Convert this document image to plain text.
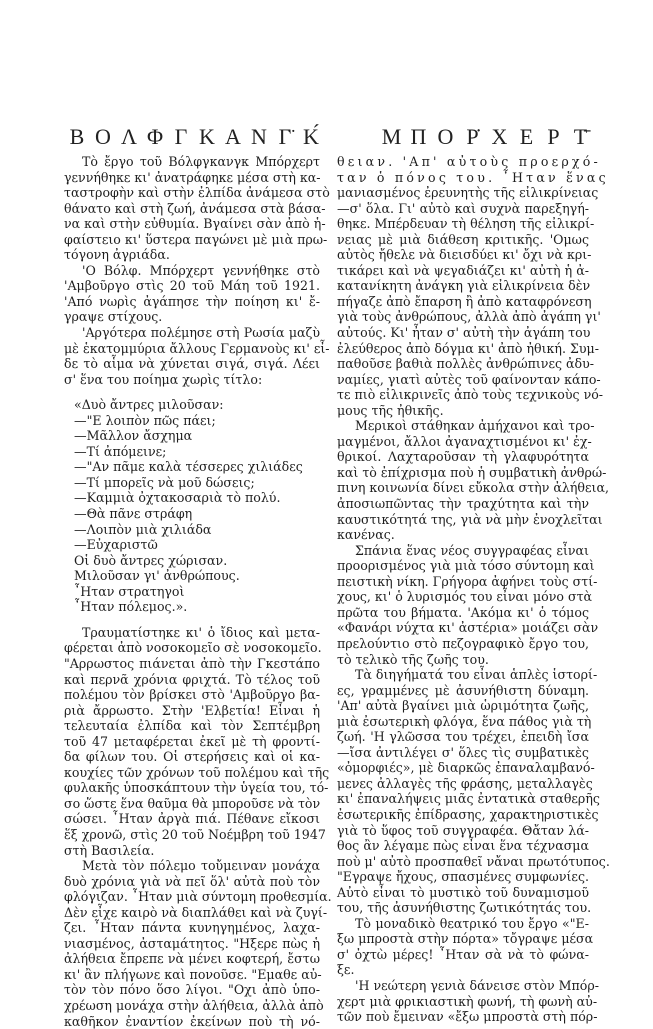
Β Ο Λ Φ Γ Κ Α Ν Γ̈ Κ́	Μ Π Ο Ρ̇ Χ Ε Ρ Τ̄
Τὸ ἔργο τοῦ Βόλφγκανγκ Μπόρχερτ
γεννήθηκε κι' ἀνατράφηκε μέσα στὴ κα-
ταστροφὴν καὶ στὴν ἐλπίδα ἀνάμεσα στὸ
θάνατο καὶ στὴ ζωή, ἀνάμεσα στὰ βάσα-
να καὶ στὴν εὐθυμία. Βγαίνει σὰν ἀπὸ ἡ-
φαίστειο κι' ὕστερα παγώνει μὲ μιὰ πρω-
τόγονη ἀγριάδα.
'Ο Βόλφ. Μπόρχερτ γεννήθηκε στὸ
'Αμβοῦργο στὶς 20 τοῦ Μάη τοῦ 1921.
'Από νωρὶς ἀγάπησε τὴν ποίηση κι' ἔ-
γραψε στίχους.
'Αργότερα πολέμησε στὴ Ρωσία μαζὺ
μὲ ἑκατομμύρια ἄλλους Γερμανοὺς κι' εἶ-
δε τὸ αἷμα νὰ χύνεται σιγά, σιγά. Λέει
σ' ἕνα του ποίημα χωρὶς τίτλο:
«Δυὸ ἄντρες μιλοῦσαν:
—"Ε λοιπὸν πῶς πάει;
—Μᾶλλον ἄσχημα
—Τί ἀπόμεινε;
—"Αν πᾶμε καλὰ τέσσερες χιλιάδες
—Τί μπορεῖς νὰ μοῦ δώσεις;
—Καμμιὰ ὀχτακοσαριὰ τὸ πολύ.
—Θὰ πᾶνε στράφη
—Λοιπὸν μιὰ χιλιάδα
—Εὐχαριστῶ
Οἱ δυὸ ἄντρες χώρισαν.
Μιλοῦσαν γι' ἀνθρώπους.
῏Ηταν στρατηγοὶ
῏Ηταν πόλεμος.».
Τραυματίστηκε κι' ὁ ἴδιος καὶ μετα-
φέρεται ἀπὸ νοσοκομεῖο σὲ νοσοκομεῖο.
"Αρρωστος πιάνεται ἀπὸ τὴν Γκεστάπο
καὶ περνᾶ χρόνια φριχτά. Τὸ τέλος τοῦ
πολέμου τὸν βρίσκει στὸ 'Αμβοῦργο βα-
ριὰ ἄρρωστο. Στὴν 'Ελβετία! Εἶναι ἡ
τελευταία ἐλπίδα καὶ τὸν Σεπτέμβρη
τοῦ 47 μεταφέρεται ἐκεῖ μὲ τὴ φροντί-
δα φίλων του. Οἱ στερήσεις καὶ οἱ κα-
κουχίες τῶν χρόνων τοῦ πολέμου καὶ τῆς
φυλακῆς ὑποσκάπτουν τὴν ὑγεία του, τό-
σο ὥστε ἕνα θαῦμα θὰ μποροῦσε νὰ τὸν
σώσει. ῏Ηταν ἀργὰ πιά. Πέθανε εἴκοσι
ἕξ χρονῶ, στὶς 20 τοῦ Νοέμβρη τοῦ 1947
στὴ Βασιλεία.
Μετὰ τὸν πόλεμο τοὔμειναν μονάχα
δυὸ χρόνια γιὰ νὰ πεῖ ὅλ' αὐτὰ ποὺ τὸν
φλόγιζαν. ῏Ηταν μιὰ σύντομη προθεσμία.
Δὲν εἶχε καιρὸ νὰ διαπλάθει καὶ νὰ ζυγί-
ζει. ῏Ηταν πάντα κυνηγημένος, λαχα-
νιασμένος, ἀσταμάτητος. "Ηξερε πὼς ἡ
ἀλήθεια ἔπρεπε νὰ μένει κοφτερή, ἔστω
κι' ἂν πλήγωνε καὶ πονοῦσε. "Εμαθε αὐ-
τὸν τὸν πόνο ὅσο λίγοι. "Οχι ἀπὸ ὑπο-
χρέωση μονάχα στὴν ἀλήθεια, ἀλλὰ ἀπὸ
καθῆκον ἐναντίον ἐκείνων ποὺ τὴ νό-
θειαν. 'Απ' αὐτοὺς προερχό-
ταν ὁ πόνος του. ῏Ηταν ἕνας
μανιασμένος ἐρευνητὴς τῆς εἰλικρίνειας
—σ' ὅλα. Γι' αὐτὸ καὶ συχνὰ παρεξηγή-
θηκε. Μπέρδευαν τὴ θέληση τῆς εἰλικρί-
νειας μὲ μιὰ διάθεση κριτικῆς. 'Ομως
αὐτὸς ἤθελε νὰ διεισδύει κι' ὄχι νὰ κρι-
τικάρει καὶ νὰ ψεγαδιάζει κι' αὐτὴ ἡ ἀ-
κατανίκητη ἀνάγκη γιὰ εἰλικρίνεια δὲν
πήγαζε ἀπὸ ἔπαρση ἢ ἀπὸ καταφρόνεση
γιὰ τοὺς ἀνθρώπους, ἀλλὰ ἀπὸ ἀγάπη γι'
αὐτούς. Κι' ἦταν σ' αὐτὴ τὴν ἀγάπη του
ἐλεύθερος ἀπὸ δόγμα κι' ἀπὸ ἠθική. Συμ-
παθοῦσε βαθιὰ πολλὲς ἀνθρώπινες ἀδυ-
ναμίες, γιατὶ αὐτὲς τοῦ φαίνονταν κάπο-
τε πιὸ εἰλικρινεῖς ἀπὸ τοὺς τεχνικοὺς νό-
μους τῆς ἠθικῆς.
Μερικοὶ στάθηκαν ἀμήχανοι καὶ τρο-
μαγμένοι, ἄλλοι ἀγαναχτισμένοι κι' ἐχ-
θρικοί. Λαχταροῦσαν τὴ γλαφυρότητα
καὶ τὸ ἐπίχρισμα ποὺ ἡ συμβατικὴ ἀνθρώ-
πινη κοινωνία δίνει εὔκολα στὴν ἀλήθεια,
ἀποσιωπῶντας τὴν τραχύτητα καὶ τὴν
καυστικότητά της, γιὰ νὰ μὴν ἐνοχλεῖται
κανένας.
Σπάνια ἕνας νέος συγγραφέας εἶναι
προορισμένος γιὰ μιὰ τόσο σύντομη καὶ
πειστικὴ νίκη. Γρήγορα ἀφήνει τοὺς στί-
χους, κι' ὁ λυρισμός του εἶναι μόνο στὰ
πρῶτα του βήματα. 'Ακόμα κι' ὁ τόμος
«Φανάρι νύχτα κι' ἀστέρια» μοιάζει σὰν
πρελούντιο στὸ πεζογραφικὸ ἔργο του,
τὸ τελικὸ τῆς ζωῆς του.
Τὰ διηγήματά του εἶναι ἁπλὲς ἱστορί-
ες, γραμμένες μὲ ἀσυνήθιστη δύναμη.
'Απ' αὐτὰ βγαίνει μιὰ ὡριμότητα ζωῆς,
μιὰ ἐσωτερικὴ φλόγα, ἕνα πάθος γιὰ τὴ
ζωή. 'Η γλῶσσα του τρέχει, ἐπειδὴ ἴσα
—ἴσα ἀντιλέγει σ' ὅλες τὶς συμβατικὲς
«ὀμορφιές», μὲ διαρκῶς ἐπαναλαμβανό-
μενες ἀλλαγὲς τῆς φράσης, μεταλλαγὲς
κι' ἐπαναλήψεις μιᾶς ἐντατικὰ σταθερῆς
ἐσωτερικῆς ἐπίδρασης, χαρακτηριστικὲς
γιὰ τὸ ὕφος τοῦ συγγραφέα. Θἄταν λά-
θος ἂν λέγαμε πὼς εἶναι ἕνα τέχνασμα
ποὺ μ' αὐτὸ προσπαθεῖ νἄναι πρωτότυπος.
"Εγραψε ἤχους, σπασμένες συμφωνίες.
Αὐτὸ εἶναι τὸ μυστικὸ τοῦ δυναμισμοῦ
του, τῆς ἀσυνήθιστης ζωτικότητάς του.
Τὸ μοναδικὸ θεατρικό του ἔργο «"Ε-
ξω μπροστὰ στὴν πόρτα» τὄγραψε μέσα
σ' ὀχτὼ μέρες! ῏Ηταν σὰ νὰ τὸ φώνα-
ξε.
'Η νεώτερη γενιὰ δάνεισε στὸν Μπόρ-
χερτ μιὰ φρικιαστικὴ φωνή, τὴ φωνὴ αὐ-
τῶν ποὺ ἔμειναν «ἔξω μπροστὰ στὴ πόρ-
